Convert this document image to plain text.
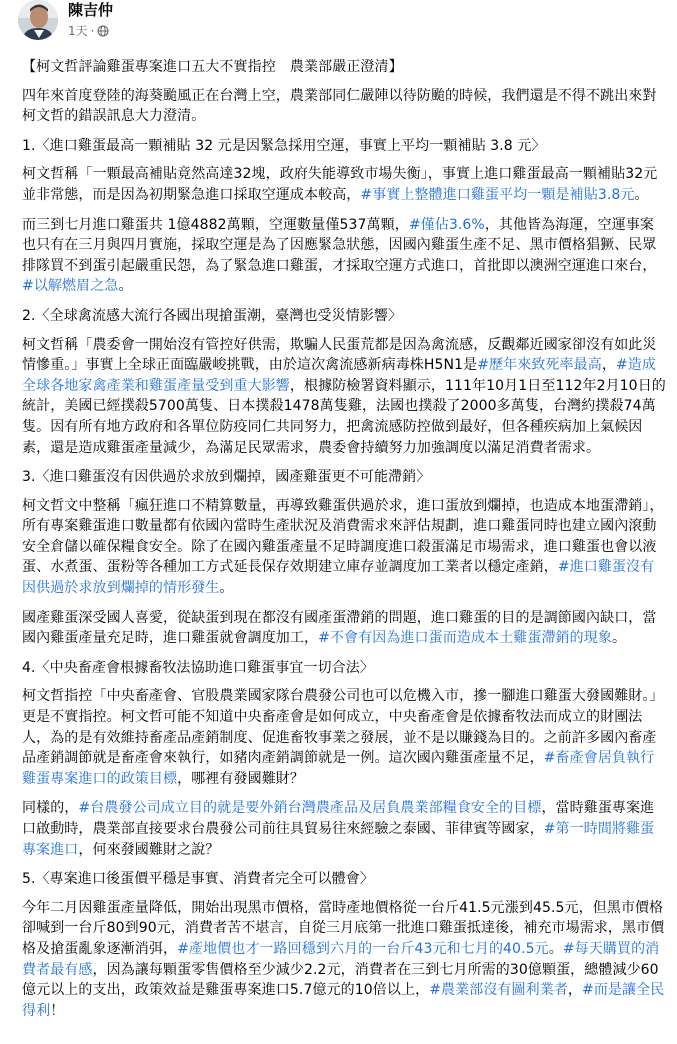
陳吉仲
1天 ·

【柯文哲評論雞蛋專案進口五大不實指控　農業部嚴正澄清】

四年來首度登陸的海葵颱風正在台灣上空，農業部同仁嚴陣以待防颱的時候，我們還是不得不跳出來對柯文哲的錯誤訊息大力澄清。

1.〈進口雞蛋最高一顆補貼 32 元是因緊急採用空運，事實上平均一顆補貼 3.8 元〉

柯文哲稱「一顆最高補貼竟然高達32塊，政府失能導致市場失衡」，事實上進口雞蛋最高一顆補貼32元並非常態，而是因為初期緊急進口採取空運成本較高，#事實上整體進口雞蛋平均一顆是補貼3.8元。

而三到七月進口雞蛋共 1億4882萬顆，空運數量僅537萬顆，#僅佔3.6%，其他皆為海運，空運事案也只有在三月與四月實施，採取空運是為了因應緊急狀態，因國內雞蛋生產不足、黑市價格猖獗、民眾排隊買不到蛋引起嚴重民怨，為了緊急進口雞蛋，才採取空運方式進口，首批即以澳洲空運進口來台，#以解燃眉之急。

2.〈全球禽流感大流行各國出現搶蛋潮，臺灣也受災情影響〉

柯文哲稱「農委會一開始沒有管控好供需，欺騙人民蛋荒都是因為禽流感，反觀鄰近國家卻沒有如此災情慘重。」事實上全球正面臨嚴峻挑戰，由於這次禽流感新病毒株H5N1是#歷年來致死率最高，#造成全球各地家禽產業和雞蛋產量受到重大影響，根據防檢署資料顯示，111年10月1日至112年2月10日的統計，美國已經撲殺5700萬隻、日本撲殺1478萬隻雞，法國也撲殺了2000多萬隻，台灣約撲殺74萬隻。因有所有地方政府和各單位防疫同仁共同努力，把禽流感防控做到最好，但各種疾病加上氣候因素，還是造成雞蛋產量減少，為滿足民眾需求，農委會持續努力加強調度以滿足消費者需求。

3.〈進口雞蛋沒有因供過於求放到爛掉，國產雞蛋更不可能滯銷〉

柯文哲文中整稱「瘋狂進口不精算數量，再導致雞蛋供過於求，進口蛋放到爛掉，也造成本地蛋滯銷」，所有專案雞蛋進口數量都有依國內當時生產狀況及消費需求來評估規劃，進口雞蛋同時也建立國內滾動安全倉儲以確保糧食安全。除了在國內雞蛋產量不足時調度進口殺蛋滿足市場需求，進口雞蛋也會以液蛋、水煮蛋、蛋粉等各種加工方式延長保存效期建立庫存並調度加工業者以穩定產銷，#進口雞蛋沒有因供過於求放到爛掉的情形發生。

國產雞蛋深受國人喜愛，從缺蛋到現在都沒有國產蛋滯銷的問題，進口雞蛋的目的是調節國內缺口，當國內雞蛋產量充足時，進口雞蛋就會調度加工，#不會有因為進口蛋而造成本土雞蛋滯銷的現象。

4.〈中央畜產會根據畜牧法協助進口雞蛋事宜一切合法〉

柯文哲指控「中央畜產會、官股農業國家隊台農發公司也可以危機入市，摻一腳進口雞蛋大發國難財。」更是不實指控。柯文哲可能不知道中央畜產會是如何成立，中央畜產會是依據畜牧法而成立的財團法人，為的是有效維持畜產品產銷制度、促進畜牧事業之發展，並不是以賺錢為目的。之前許多國內畜產品產銷調節就是畜產會來執行，如豬肉產銷調節就是一例。這次國內雞蛋產量不足，#畜產會居負執行雞蛋專案進口的政策目標，哪裡有發國難財？

同樣的，#台農發公司成立目的就是要外銷台灣農產品及居負農業部糧食安全的目標，當時雞蛋專案進口啟動時，農業部直接要求台農發公司前往具貿易往來經驗之泰國、菲律賓等國家，#第一時間將雞蛋專案進口，何來發國難財之說？

5.〈專案進口後蛋價平穩是事實、消費者完全可以體會〉

今年二月因雞蛋產量降低，開始出現黑市價格，當時產地價格從一台斤41.5元漲到45.5元，但黑市價格卻喊到一台斤80到90元，消費者苦不堪言，自從三月底第一批進口雞蛋抵達後，補充市場需求，黑市價格及搶蛋亂象逐漸消弭，#產地價也才一路回穩到六月的一台斤43元和七月的40.5元。#每天購買的消費者最有感，因為讓每顆蛋零售價格至少減少2.2元，消費者在三到七月所需的30億顆蛋，總體減少60億元以上的支出，政策效益是雞蛋專案進口5.7億元的10倍以上，#農業部沒有圖利業者，#而是讓全民得利！
